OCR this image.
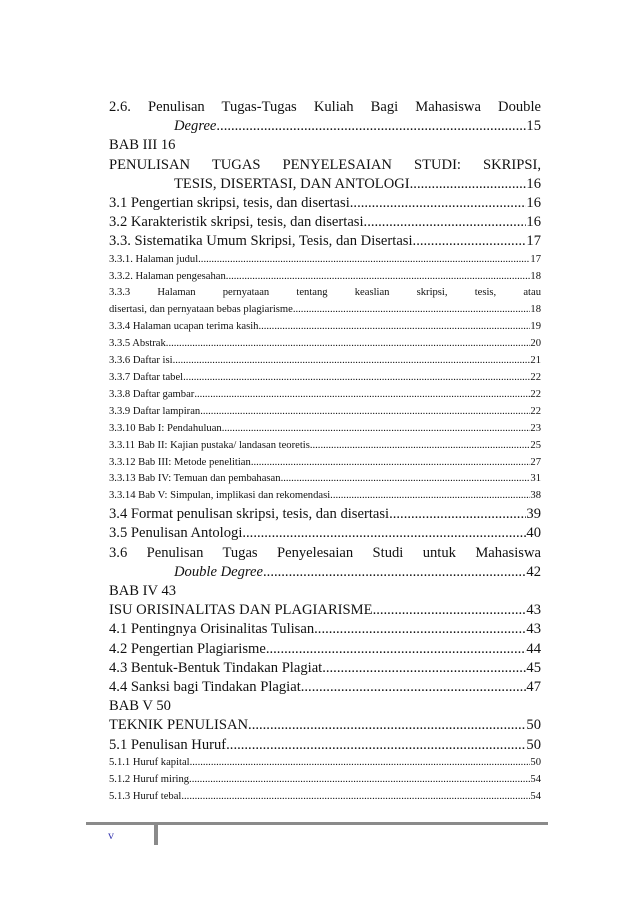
2.6. Penulisan Tugas-Tugas Kuliah Bagi Mahasiswa Double
Degree .....	15
BAB III 16
PENULISAN TUGAS PENYELESAIAN STUDI: SKRIPSI,
TESIS, DISERTASI, DAN ANTOLOGI .....	16
3.1 Pengertian skripsi, tesis, dan disertasi .....	16
3.2 Karakteristik skripsi, tesis, dan disertasi .....	16
3.3. Sistematika Umum Skripsi, Tesis, dan Disertasi .....	17
3.3.1. Halaman judul .....	17
3.3.2. Halaman pengesahan .....	18
3.3.3 Halaman pernyataan tentang keaslian skripsi, tesis, atau
disertasi, dan pernyataan bebas plagiarisme .....	18
3.3.4 Halaman ucapan terima kasih .....	19
3.3.5 Abstrak .....	20
3.3.6 Daftar isi .....	21
3.3.7 Daftar tabel .....	22
3.3.8 Daftar gambar .....	22
3.3.9 Daftar lampiran .....	22
3.3.10 Bab I: Pendahuluan .....	23
3.3.11 Bab II: Kajian pustaka/ landasan teoretis .....	25
3.3.12 Bab III: Metode penelitian .....	27
3.3.13 Bab IV: Temuan dan pembahasan .....	31
3.3.14 Bab V: Simpulan, implikasi dan rekomendasi .....	38
3.4 Format penulisan skripsi, tesis, dan disertasi .....	39
3.5 Penulisan Antologi .....	40
3.6 Penulisan Tugas Penyelesaian Studi untuk Mahasiswa
Double Degree .....	42
BAB IV 43
ISU ORISINALITAS DAN PLAGIARISME .....	43
4.1 Pentingnya Orisinalitas Tulisan .....	43
4.2 Pengertian Plagiarisme .....	44
4.3 Bentuk-Bentuk Tindakan Plagiat .....	45
4.4 Sanksi bagi Tindakan Plagiat .....	47
BAB V 50
TEKNIK PENULISAN .....	50
5.1 Penulisan Huruf .....	50
5.1.1 Huruf kapital .....	50
5.1.2 Huruf miring .....	54
5.1.3 Huruf tebal .....	54
v
